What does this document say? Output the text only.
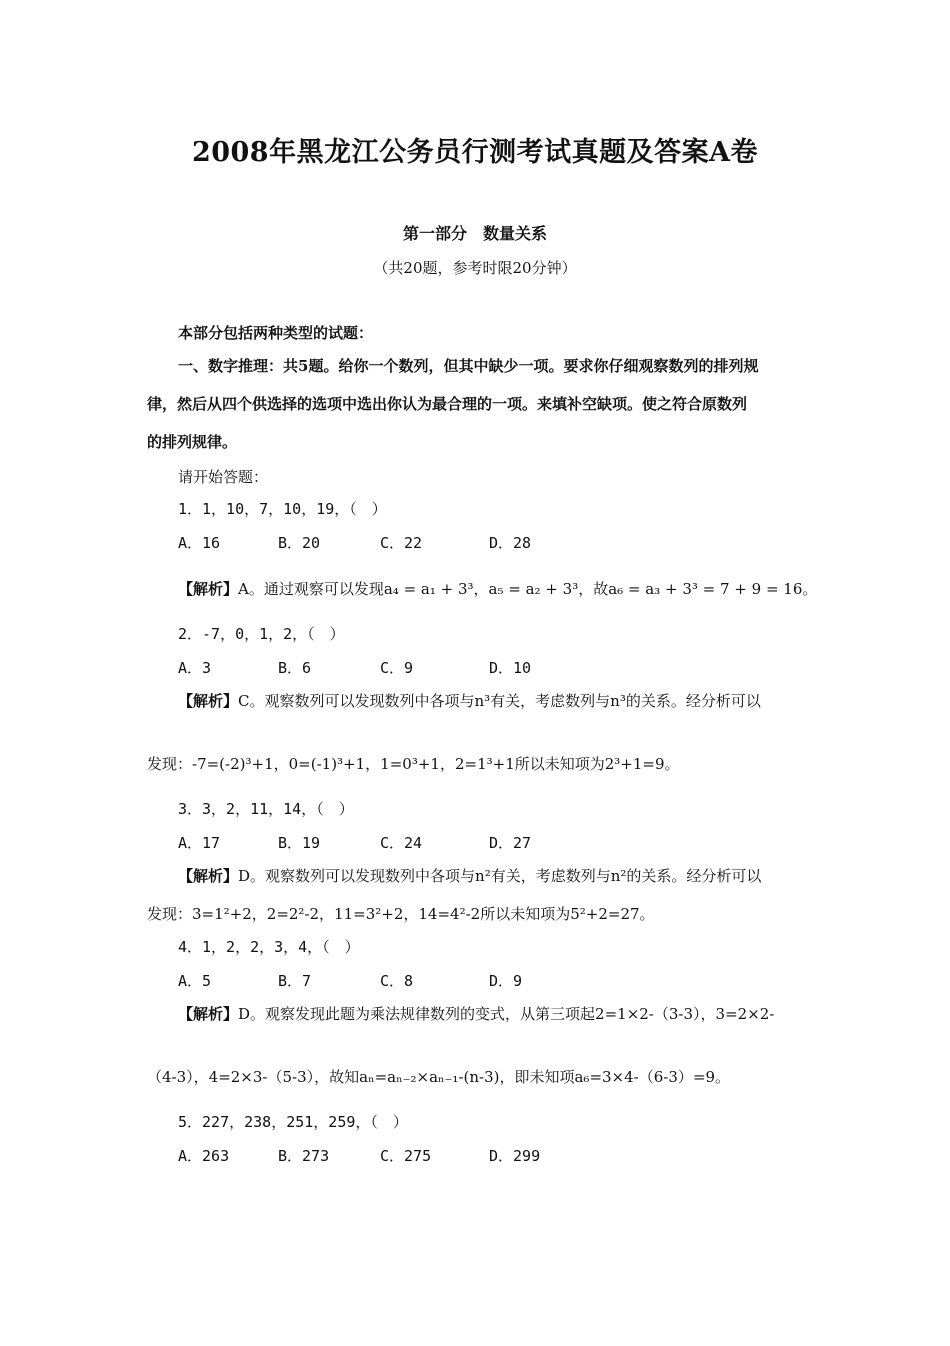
2008年黑龙江公务员行测考试真题及答案A卷
第一部分　数量关系
（共20题，参考时限20分钟）
本部分包括两种类型的试题：
一、数字推理：共5题。给你一个数列，但其中缺少一项。要求你仔细观察数列的排列规
律，然后从四个供选择的选项中选出你认为最合理的一项。来填补空缺项。使之符合原数列
的排列规律。
请开始答题：
1．1，10，7，10，19，（　）
A．16	B．20	C．22	D．28
【解析】A。通过观察可以发现a₄ = a₁ + 3³，a₅ = a₂ + 3³，故a₆ = a₃ + 3³ = 7 + 9 = 16。
2．-7，0，1，2，（　）
A．3	B．6	C．9	D．10
【解析】C。观察数列可以发现数列中各项与n³有关，考虑数列与n³的关系。经分析可以
发现：-7=(-2)³+1，0=(-1)³+1，1=0³+1，2=1³+1所以未知项为2³+1=9。
3．3，2，11，14，（　）
A．17	B．19	C．24	D．27
【解析】D。观察数列可以发现数列中各项与n²有关，考虑数列与n²的关系。经分析可以
发现：3=1²+2，2=2²-2，11=3²+2，14=4²-2所以未知项为5²+2=27。
4．1，2，2，3，4，（　）
A．5	B．7	C．8	D．9
【解析】D。观察发现此题为乘法规律数列的变式，从第三项起2=1×2-（3-3），3=2×2-
（4-3），4=2×3-（5-3），故知aₙ=aₙ₋₂×aₙ₋₁-(n-3)，即未知项a₆=3×4-（6-3）=9。
5．227，238，251，259，（　）
A．263	B．273	C．275	D．299
